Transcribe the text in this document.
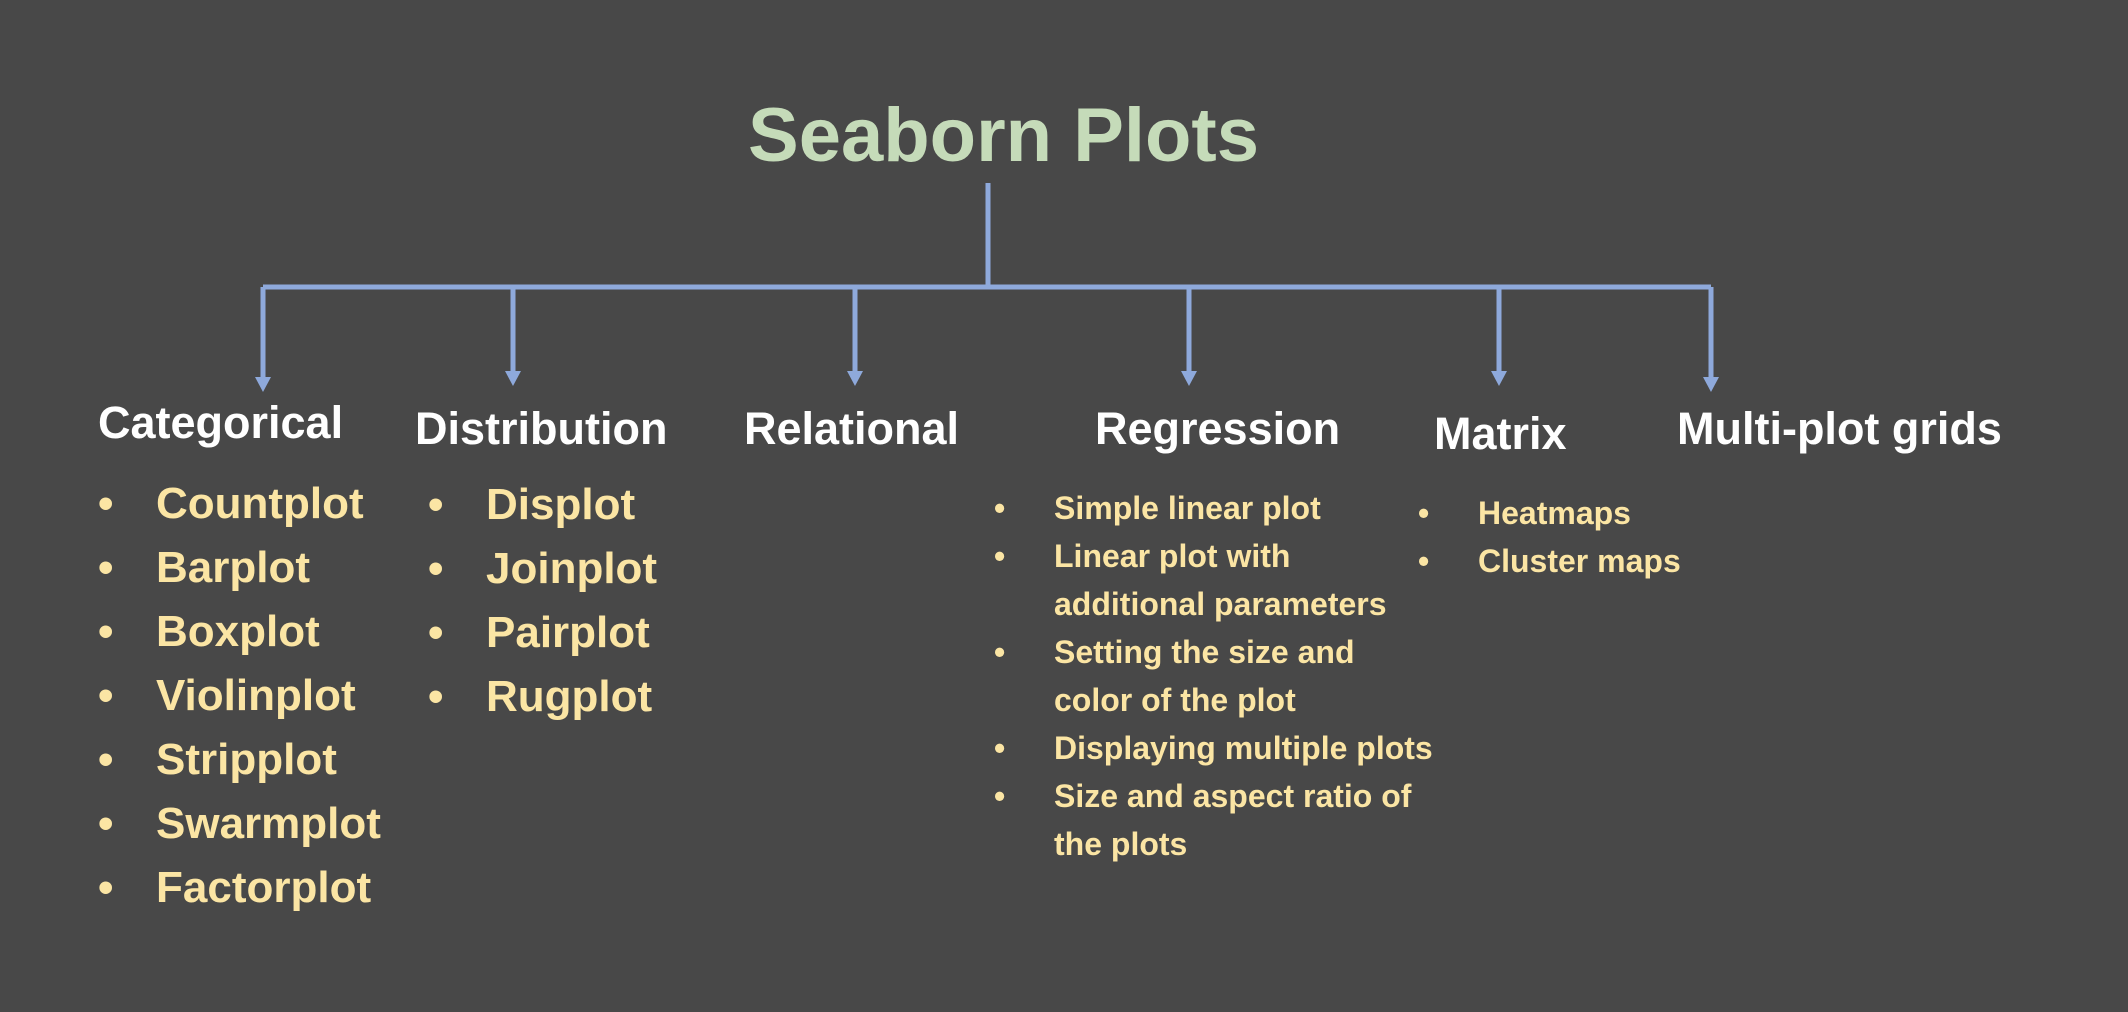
Seaborn Plots
Categorical
• Countplot
• Barplot
• Boxplot
• Violinplot
• Stripplot
• Swarmplot
• Factorplot
Distribution
• Displot
• Joinplot
• Pairplot
• Rugplot
Relational	Regression
• Simple linear plot
• Linear plot with additional parameters
• Setting the size and color of the plot
• Displaying multiple plots
• Size and aspect ratio of the plots
Matrix
• Heatmaps
• Cluster maps
Multi-plot grids
